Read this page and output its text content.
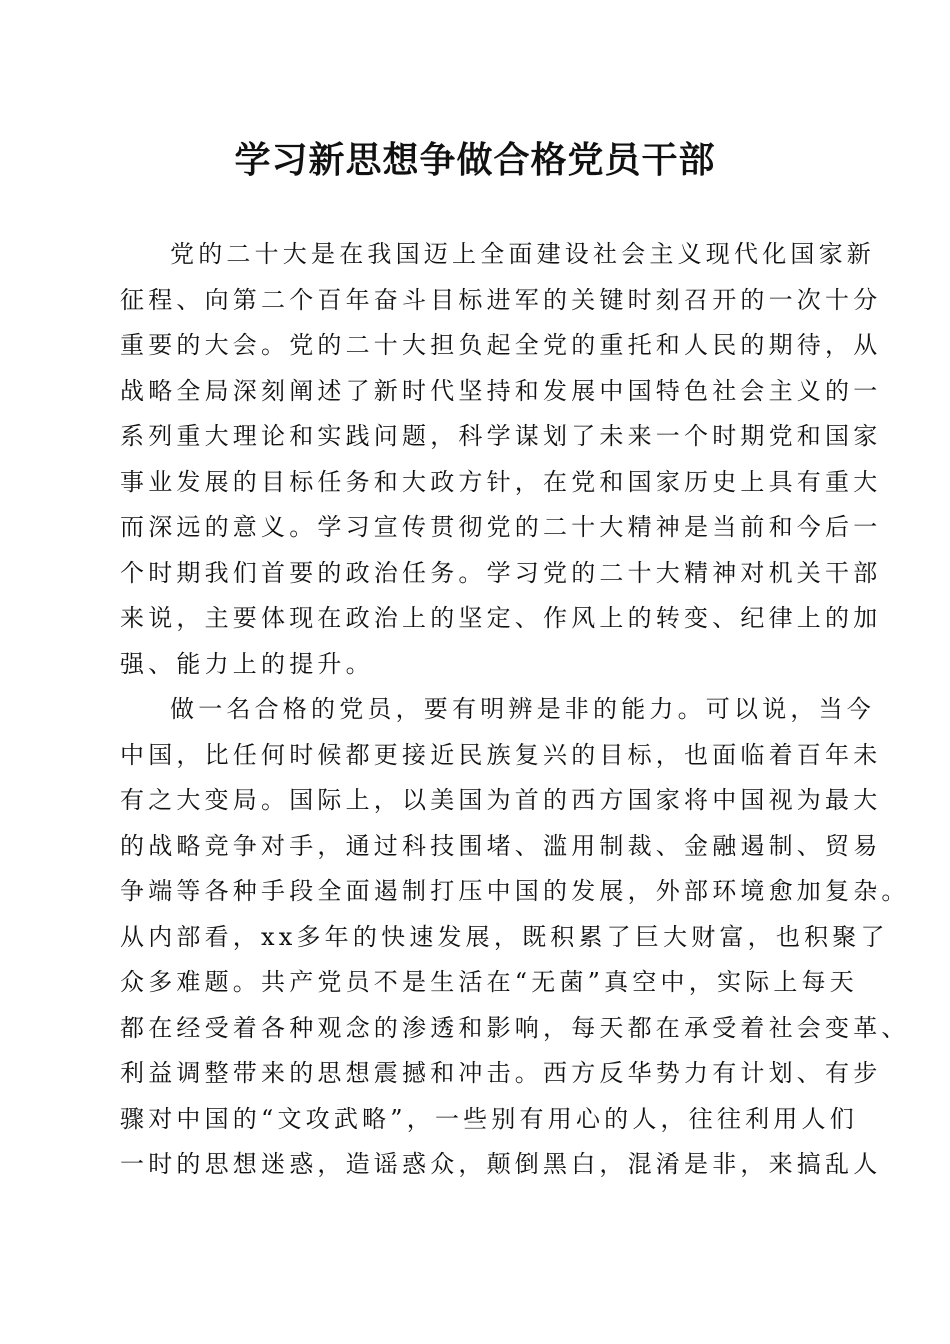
学习新思想争做合格党员干部
党的二十大是在我国迈上全面建设社会主义现代化国家新
征程、向第二个百年奋斗目标进军的关键时刻召开的一次十分
重要的大会。党的二十大担负起全党的重托和人民的期待，从
战略全局深刻阐述了新时代坚持和发展中国特色社会主义的一
系列重大理论和实践问题，科学谋划了未来一个时期党和国家
事业发展的目标任务和大政方针，在党和国家历史上具有重大
而深远的意义。学习宣传贯彻党的二十大精神是当前和今后一
个时期我们首要的政治任务。学习党的二十大精神对机关干部
来说，主要体现在政治上的坚定、作风上的转变、纪律上的加
强、能力上的提升。
做一名合格的党员，要有明辨是非的能力。可以说，当今
中国，比任何时候都更接近民族复兴的目标，也面临着百年未
有之大变局。国际上，以美国为首的西方国家将中国视为最大
的战略竞争对手，通过科技围堵、滥用制裁、金融遏制、贸易
争端等各种手段全面遏制打压中国的发展，外部环境愈加复杂。
从内部看，xx多年的快速发展，既积累了巨大财富，也积聚了
众多难题。共产党员不是生活在“无菌”真空中，实际上每天
都在经受着各种观念的渗透和影响，每天都在承受着社会变革、
利益调整带来的思想震撼和冲击。西方反华势力有计划、有步
骤对中国的“文攻武略”，一些别有用心的人，往往利用人们
一时的思想迷惑，造谣惑众，颠倒黑白，混淆是非，来搞乱人
